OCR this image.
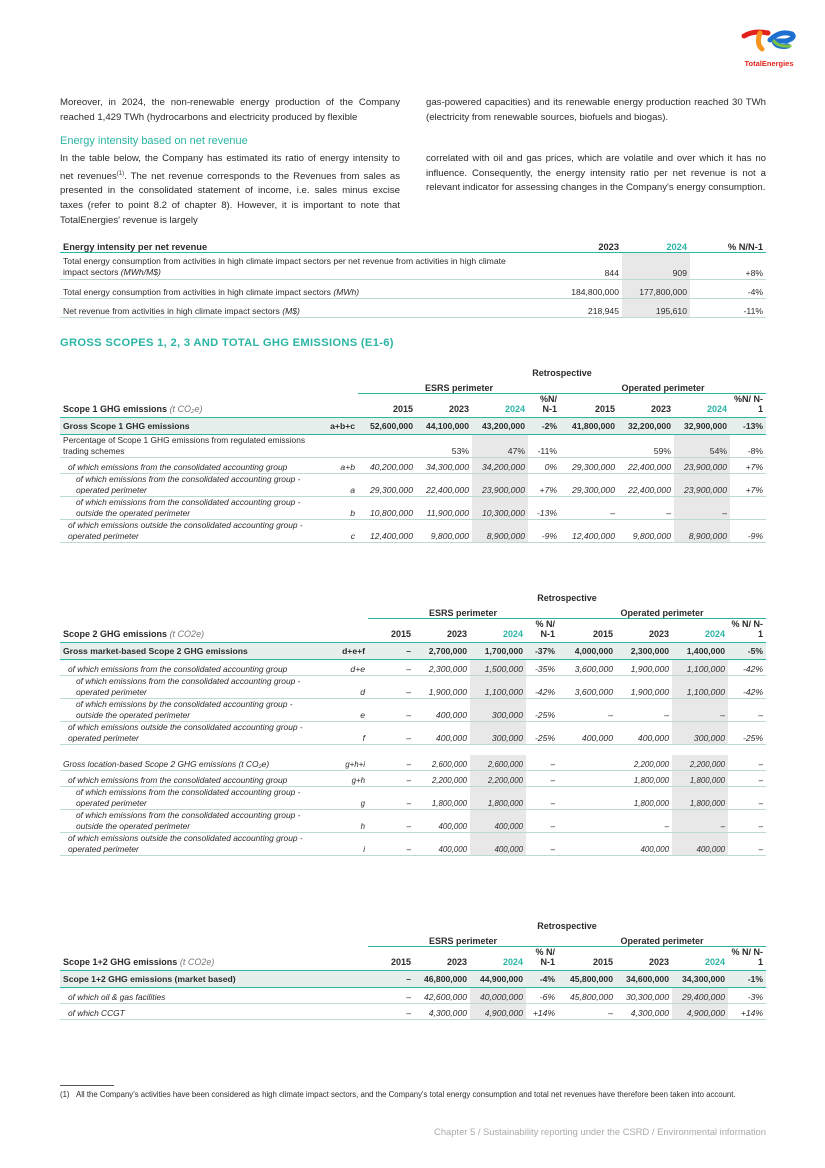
TotalEnergies
Moreover, in 2024, the non-renewable energy production of the Company reached 1,429 TWh (hydrocarbons and electricity produced by flexible
gas-powered capacities) and its renewable energy production reached 30 TWh (electricity from renewable sources, biofuels and biogas).
Energy intensity based on net revenue
In the table below, the Company has estimated its ratio of energy intensity to net revenues$^{(1)}$. The net revenue corresponds to the Revenues from sales as presented in the consolidated statement of income, i.e. sales minus excise taxes (refer to point 8.2 of chapter 8). However, it is important to note that TotalEnergies' revenue is largely
correlated with oil and gas prices, which are volatile and over which it has no influence. Consequently, the energy intensity ratio per net revenue is not a relevant indicator for assessing changes in the Company's energy consumption.
Energy intensity per net revenue	2023	2024	% N/N-1
Total energy consumption from activities in high climate impact sectors per net revenue from activities in high climate impact sectors (MWh/M$)	844	909	+8%
Total energy consumption from activities in high climate impact sectors (MWh)	184,800,000	177,800,000	-4%
Net revenue from activities in high climate impact sectors (M$)	218,945	195,610	-11%
GROSS SCOPES 1, 2, 3 AND TOTAL GHG EMISSIONS (E1-6)
		Retrospective							
		ESRS perimeter				Operated perimeter			
Scope 1 GHG emissions (t CO₂e)		2015	2023	2024	%N/ N-1	2015	2023	2024	%N/ N-1
Gross Scope 1 GHG emissions	a+b+c	52,600,000	44,100,000	43,200,000	-2%	41,800,000	32,200,000	32,900,000	-13%
Percentage of Scope 1 GHG emissions from regulated emissions trading schemes			53%	47%	-11%		59%	54%	-8%
of which emissions from the consolidated accounting group	a+b	40,200,000	34,300,000	34,200,000	0%	29,300,000	22,400,000	23,900,000	+7%
of which emissions from the consolidated accounting group - operated perimeter	a	29,300,000	22,400,000	23,900,000	+7%	29,300,000	22,400,000	23,900,000	+7%
of which emissions from the consolidated accounting group - outside the operated perimeter	b	10,800,000	11,900,000	10,300,000	-13%	–	–	–	
of which emissions outside the consolidated accounting group - operated perimeter	c	12,400,000	9,800,000	8,900,000	-9%	12,400,000	9,800,000	8,900,000	-9%
		Retrospective							
		ESRS perimeter				Operated perimeter			
Scope 2 GHG emissions (t CO2e)		2015	2023	2024	% N/ N-1	2015	2023	2024	% N/ N-1
Gross market-based Scope 2 GHG emissions	d+e+f	–	2,700,000	1,700,000	-37%	4,000,000	2,300,000	1,400,000	-5%
of which emissions from the consolidated accounting group	d+e	–	2,300,000	1,500,000	-35%	3,600,000	1,900,000	1,100,000	-42%
of which emissions from the consolidated accounting group - operated perimeter	d	–	1,900,000	1,100,000	-42%	3,600,000	1,900,000	1,100,000	-42%
of which emissions by the consolidated accounting group - outside the operated perimeter	e	–	400,000	300,000	-25%	–	–	–	–
of which emissions outside the consolidated accounting group - operated perimeter	f	–	400,000	300,000	-25%	400,000	400,000	300,000	-25%

Gross location-based Scope 2 GHG emissions (t CO₂e)	g+h+i	–	2,600,000	2,600,000	–		2,200,000	2,200,000	–
of which emissions from the consolidated accounting group	g+h	–	2,200,000	2,200,000	–		1,800,000	1,800,000	–
of which emissions from the consolidated accounting group - operated perimeter	g	–	1,800,000	1,800,000	–		1,800,000	1,800,000	–
of which emissions from the consolidated accounting group - outside the operated perimeter	h	–	400,000	400,000	–		–	–	–
of which emissions outside the consolidated accounting group - operated perimeter	i	–	400,000	400,000	–		400,000	400,000	–
		Retrospective							
		ESRS perimeter				Operated perimeter			
Scope 1+2 GHG emissions (t CO2e)		2015	2023	2024	% N/ N-1	2015	2023	2024	% N/ N-1
Scope 1+2 GHG emissions (market based)		–	46,800,000	44,900,000	-4%	45,800,000	34,600,000	34,300,000	-1%
of which oil & gas facilities		–	42,600,000	40,000,000	-6%	45,800,000	30,300,000	29,400,000	-3%
of which CCGT		–	4,300,000	4,900,000	+14%	–	4,300,000	4,900,000	+14%
(1) All the Company's activities have been considered as high climate impact sectors, and the Company's total energy consumption and total net revenues have therefore been taken into account.
Chapter 5 / Sustainability reporting under the CSRD / Environmental information
